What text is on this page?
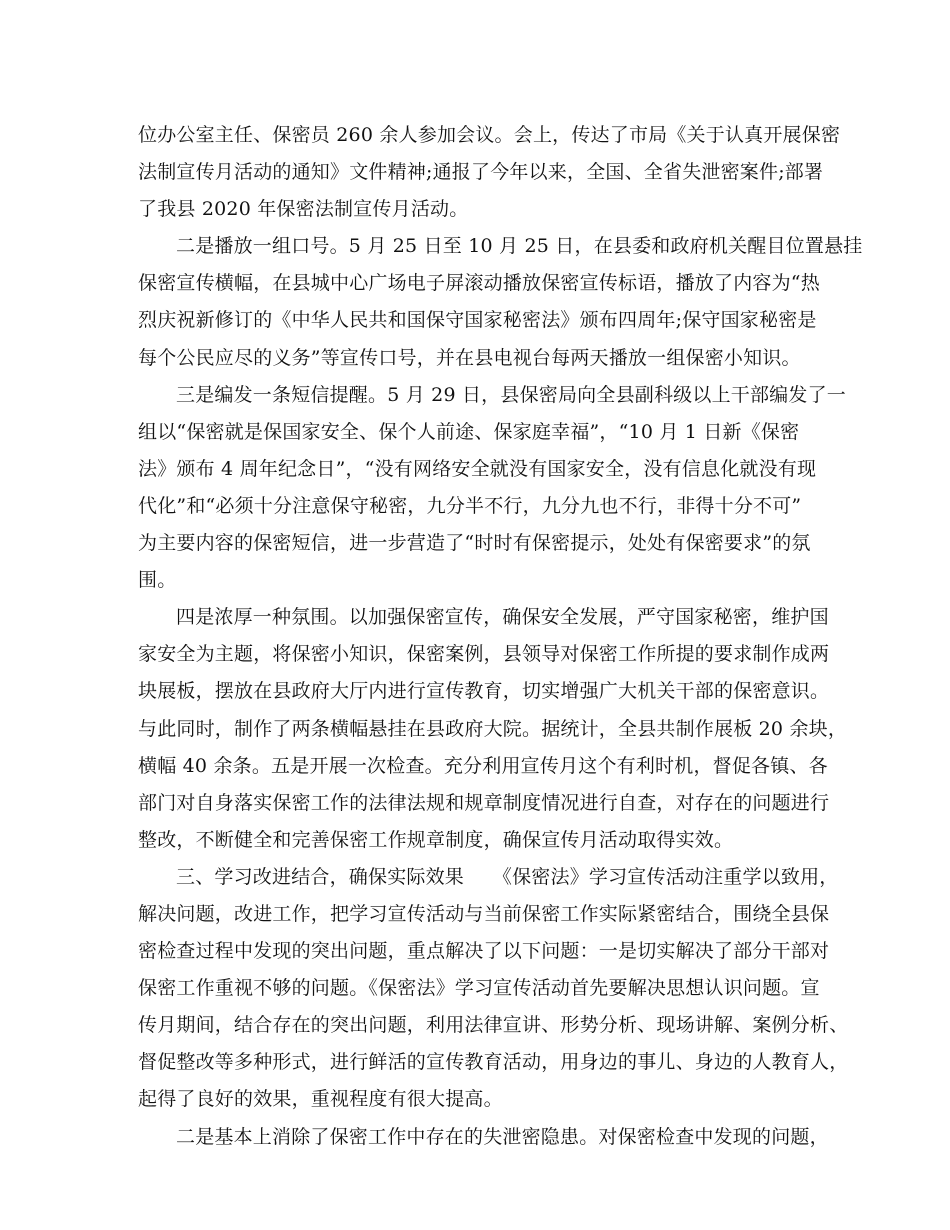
位办公室主任、保密员 260 余人参加会议。会上，传达了市局《关于认真开展保密
法制宣传月活动的通知》文件精神;通报了今年以来，全国、全省失泄密案件;部署
了我县 2020 年保密法制宣传月活动。
二是播放一组口号。5 月 25 日至 10 月 25 日，在县委和政府机关醒目位置悬挂
保密宣传横幅，在县城中心广场电子屏滚动播放保密宣传标语，播放了内容为“热
烈庆祝新修订的《中华人民共和国保守国家秘密法》颁布四周年;保守国家秘密是
每个公民应尽的义务”等宣传口号，并在县电视台每两天播放一组保密小知识。
三是编发一条短信提醒。5 月 29 日，县保密局向全县副科级以上干部编发了一
组以“保密就是保国家安全、保个人前途、保家庭幸福”，“10 月 1 日新《保密
法》颁布 4 周年纪念日”，“没有网络安全就没有国家安全，没有信息化就没有现
代化”和“必须十分注意保守秘密，九分半不行，九分九也不行，非得十分不可”
为主要内容的保密短信，进一步营造了“时时有保密提示，处处有保密要求”的氛
围。
四是浓厚一种氛围。以加强保密宣传，确保安全发展，严守国家秘密，维护国
家安全为主题，将保密小知识，保密案例，县领导对保密工作所提的要求制作成两
块展板，摆放在县政府大厅内进行宣传教育，切实增强广大机关干部的保密意识。
与此同时，制作了两条横幅悬挂在县政府大院。据统计，全县共制作展板 20 余块，
横幅 40 余条。五是开展一次检查。充分利用宣传月这个有利时机，督促各镇、各
部门对自身落实保密工作的法律法规和规章制度情况进行自查，对存在的问题进行
整改，不断健全和完善保密工作规章制度，确保宣传月活动取得实效。
三、学习改进结合，确保实际效果　　《保密法》学习宣传活动注重学以致用，
解决问题，改进工作，把学习宣传活动与当前保密工作实际紧密结合，围绕全县保
密检查过程中发现的突出问题，重点解决了以下问题：一是切实解决了部分干部对
保密工作重视不够的问题。《保密法》学习宣传活动首先要解决思想认识问题。宣
传月期间，结合存在的突出问题，利用法律宣讲、形势分析、现场讲解、案例分析、
督促整改等多种形式，进行鲜活的宣传教育活动，用身边的事儿、身边的人教育人，
起得了良好的效果，重视程度有很大提高。
二是基本上消除了保密工作中存在的失泄密隐患。对保密检查中发现的问题，
